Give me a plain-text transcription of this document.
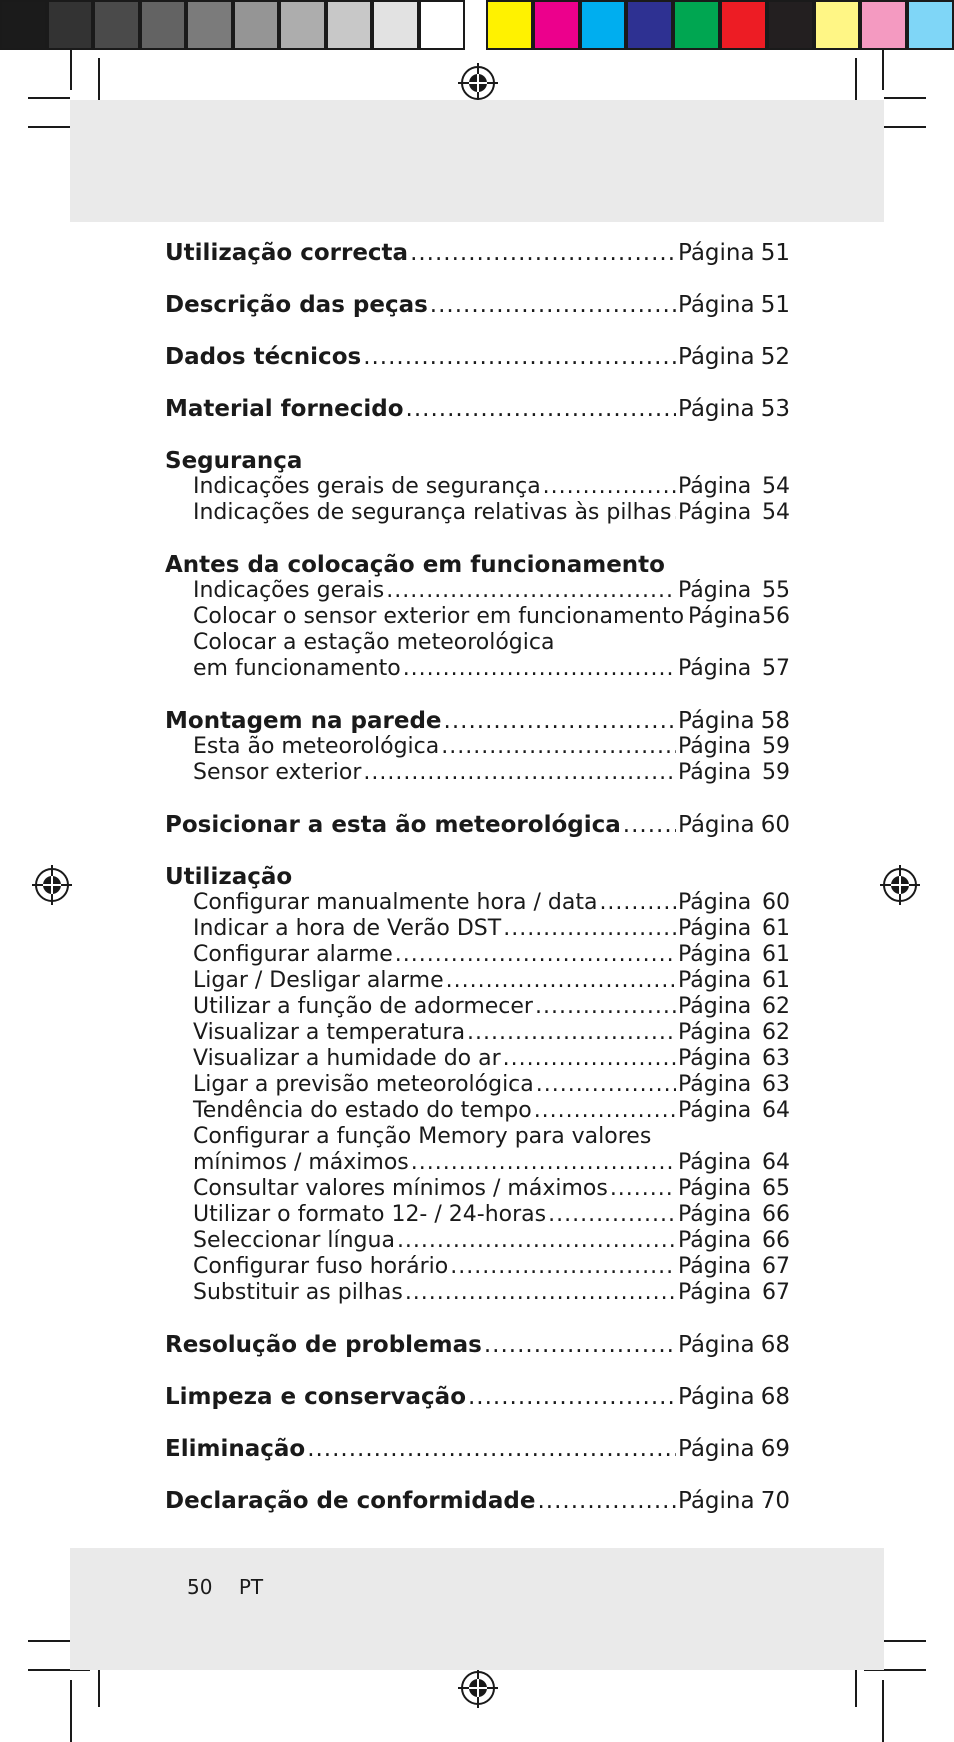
Utilização correcta .....	Página 51
Descrição das peças .....	Página 51
Dados técnicos .....	Página 52
Material fornecido .....	Página 53
Segurança
Indicações gerais de segurança .....	Página 54
Indicações de segurança relativas às pilhas ..... Página 54
Antes da colocação em funcionamento
Indicações gerais .....	Página 55
Colocar o sensor exterior em funcionamento Página 56
Colocar a estação meteorológica
em funcionamento .....	Página 57
Montagem na parede .....	Página 58
Esta ão meteorológica .....	Página 59
Sensor exterior .....	Página 59
Posicionar a esta ão meteorológica ..... Página 60
Utilização
Configurar manualmente hora / data .....	Página 60
Indicar a hora de Verão DST .....	Página 61
Configurar alarme .....	Página 61
Ligar / Desligar alarme .....	Página 61
Utilizar a função de adormecer .....	Página 62
Visualizar a temperatura .....	Página 62
Visualizar a humidade do ar .....	Página 63
Ligar a previsão meteorológica .....	Página 63
Tendência do estado do tempo .....	Página 64
Configurar a função Memory para valores
mínimos / máximos .....	Página 64
Consultar valores mínimos / máximos .....	Página 65
Utilizar o formato 12- / 24-horas .....	Página 66
Seleccionar língua .....	Página 66
Configurar fuso horário .....	Página 67
Substituir as pilhas .....	Página 67
Resolução de problemas .....	Página 68
Limpeza e conservação .....	Página 68
Eliminação .....	Página 69
Declaração de conformidade .....	Página 70
50 PT
